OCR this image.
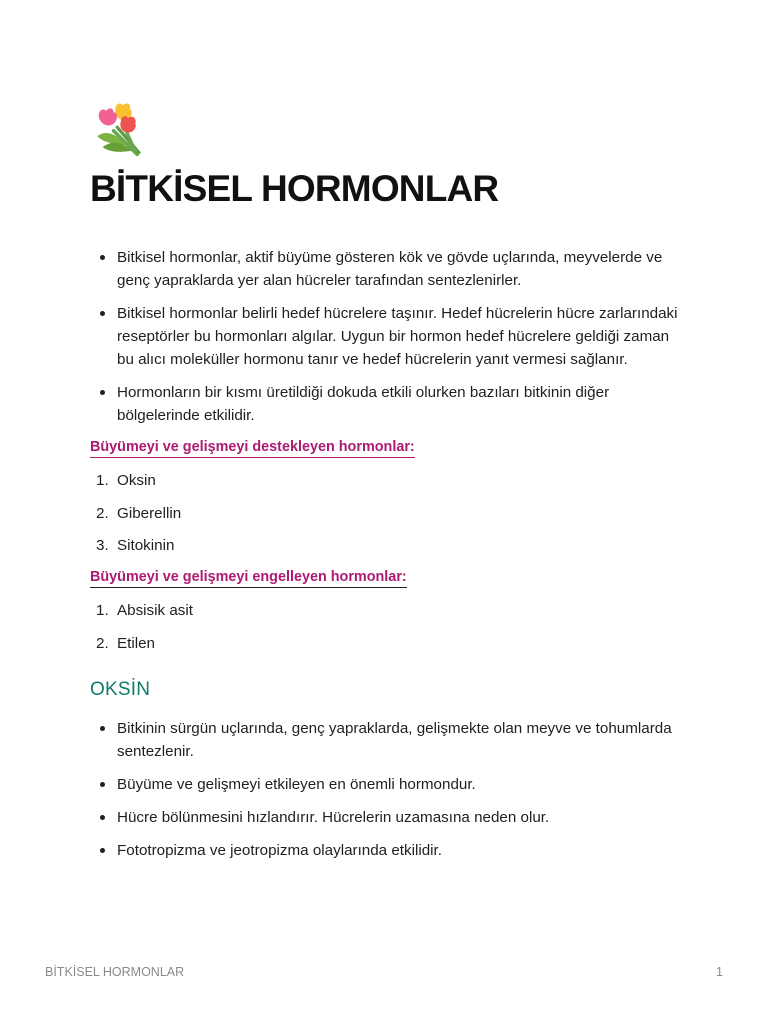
BİTKİSEL HORMONLAR
Bitkisel hormonlar, aktif büyüme gösteren kök ve gövde uçlarında, meyvelerde ve genç yapraklarda yer alan hücreler tarafından sentezlenirler.
Bitkisel hormonlar belirli hedef hücrelere taşınır. Hedef hücrelerin hücre zarlarındaki reseptörler bu hormonları algılar. Uygun bir hormon hedef hücrelere geldiği zaman bu alıcı moleküller hormonu tanır ve hedef hücrelerin yanıt vermesi sağlanır.
Hormonların bir kısmı üretildiği dokuda etkili olurken bazıları bitkinin diğer bölgelerinde etkilidir.
Büyümeyi ve gelişmeyi destekleyen hormonlar:
1. Oksin
2. Giberellin
3. Sitokinin
Büyümeyi ve gelişmeyi engelleyen hormonlar:
1. Absisik asit
2. Etilen
OKSİN
Bitkinin sürgün uçlarında, genç yapraklarda, gelişmekte olan meyve ve tohumlarda sentezlenir.
Büyüme ve gelişmeyi etkileyen en önemli hormondur.
Hücre bölünmesini hızlandırır. Hücrelerin uzamasına neden olur.
Fototropizma ve jeotropizma olaylarında etkilidir.
BİTKİSEL HORMONLAR	1
